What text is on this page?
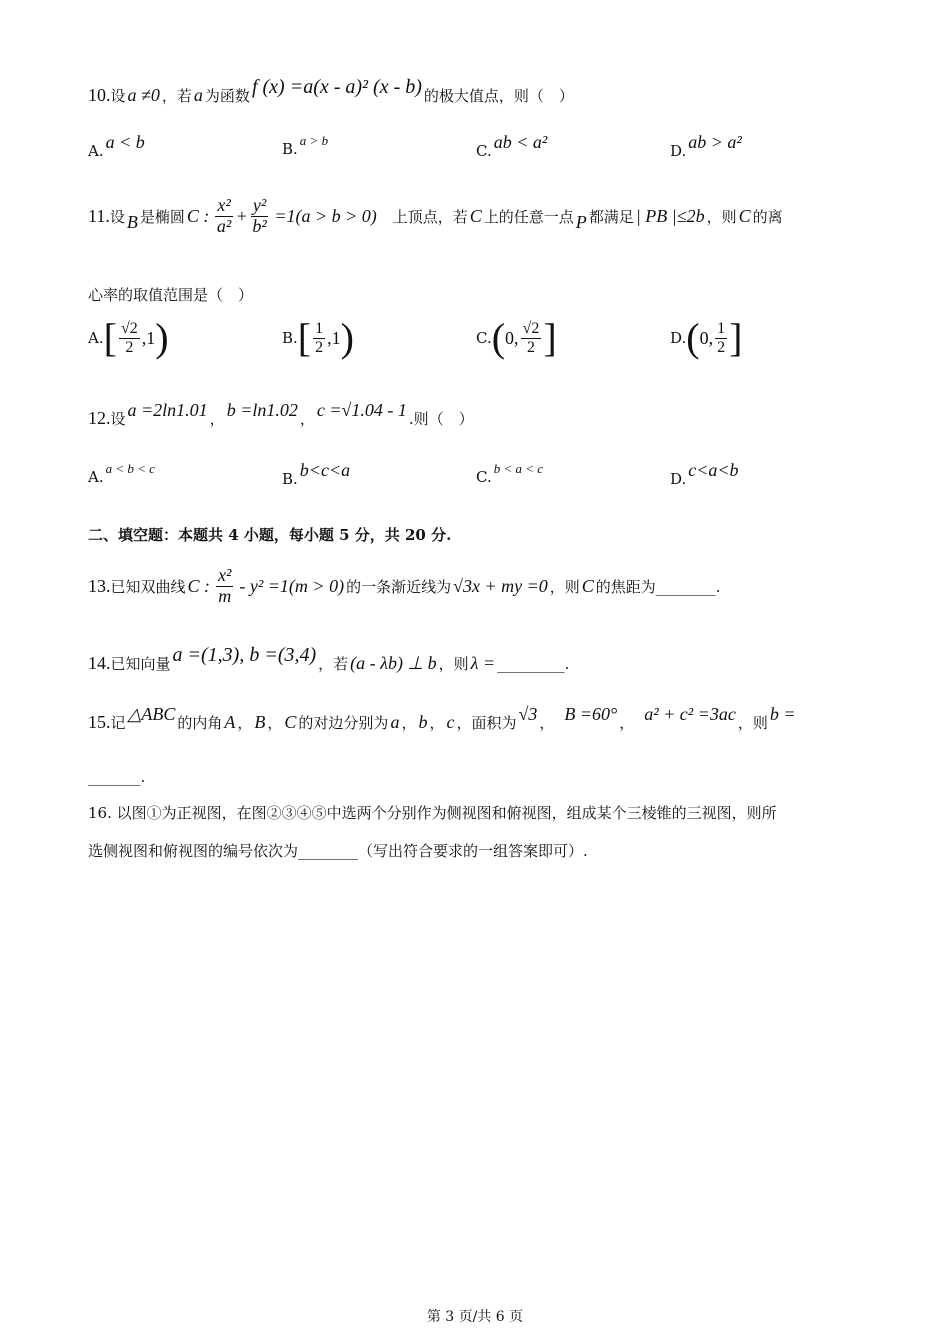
10. 设 a ≠0 ，若 a 为函数 f (x) =a(x - a)² (x - b) 的极大值点，则（　）
A. a < b	B. a > b
C. ab < a²	D. ab > a²
11. 设 B 是椭圆 C : $\frac{\text{x²}}{\text{a²}} + \frac{\text{y²}}{\text{b²}} =1(a > b > 0)$ 上顶点，若 C 上的任意一点 P 都满足 | PB |≤2b ，则 C 的离
心率的取值范围是（　）
A. [ $\frac{√2}{2} ,1$ )	B. [ $\frac{1}{2} ,1$ )	C. ( 0, $\frac{√2}{2}$ ]	D. ( 0, $\frac{1}{2}$ ]
12. 设 a =2ln1.01 ， b =ln1.02 ， c =√1.04 - 1 .则（　）
A. a < b < c
B. b<c<a	C. b < a < c
D. c<a<b
二、填空题：本题共 4 小题，每小题 5 分，共 20 分.
13. 已知双曲线 C : $\frac{\text{x²}}{m} - y^2 =1(m > 0)$ 的一条渐近线为 √3x + my =0 ，则 C 的焦距为________.
14. 已知向量 a =(1,3), b =(3,4) ，若 (a - λb) ⊥ b ，则 λ = _________.
15. 记 △ABC 的内角 A ， B ， C 的对边分别为 a ， b ， c ，面积为 √3 ， B =60° ， a² + c² =3ac ，则 b =
_______.
16. 以图①为正视图，在图②③④⑤中选两个分别作为侧视图和俯视图，组成某个三棱锥的三视图，则所
选侧视图和俯视图的编号依次为________（写出符合要求的一组答案即可）.
第 3 页/共 6 页
